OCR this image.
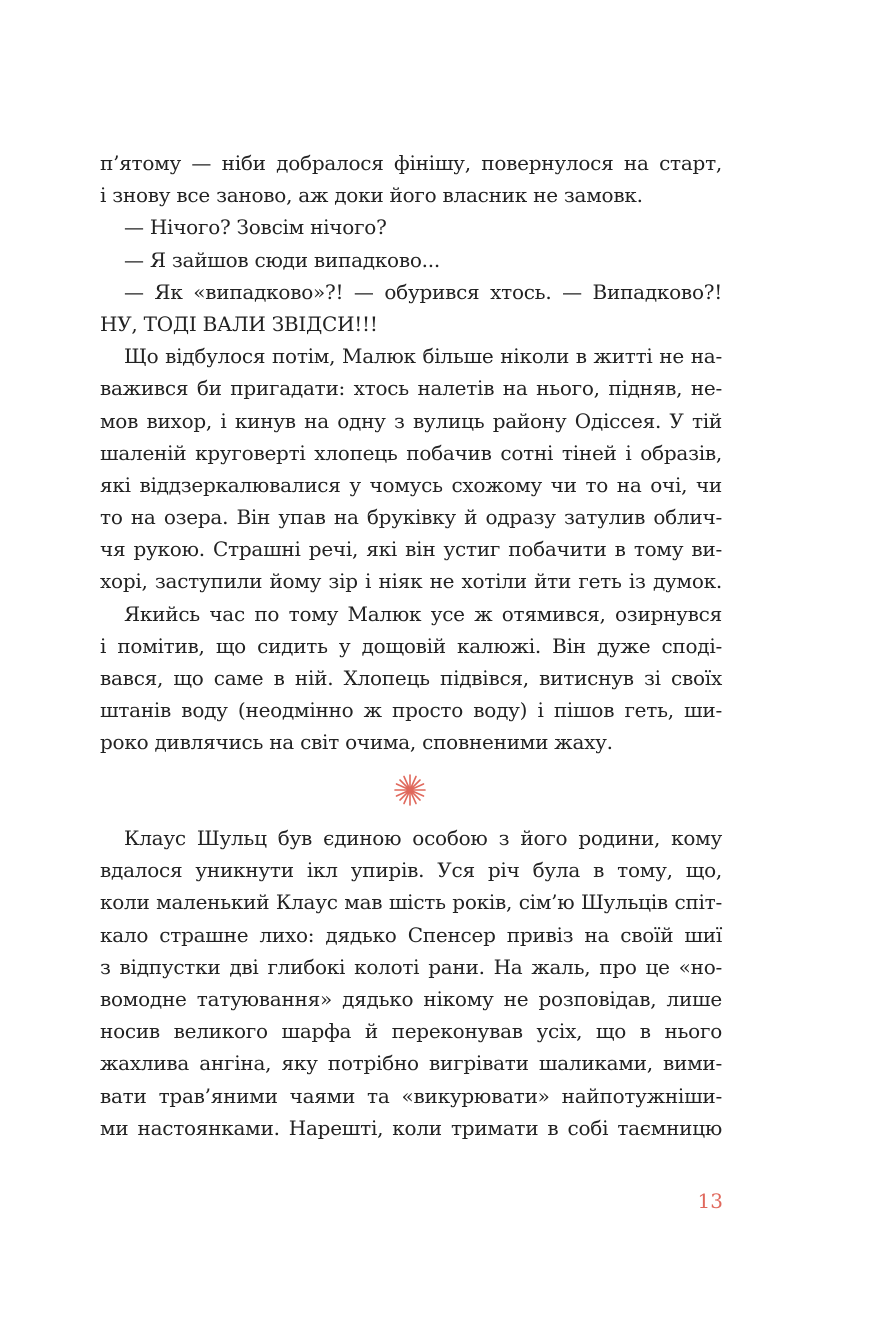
п’ятому — ніби добралося фінішу, повернулося на старт,
і знову все заново, аж доки його власник не замовк.
— Нічого? Зовсім нічого?
— Я зайшов сюди випадково...
— Як «випадково»?! — обурився хтось. — Випадково?!
НУ, ТОДІ ВАЛИ ЗВІДСИ!!!
Що відбулося потім, Малюк більше ніколи в житті не на-
важився би пригадати: хтось налетів на нього, підняв, не-
мов вихор, і кинув на одну з вулиць району Одіссея. У тій
шаленій круговерті хлопець побачив сотні тіней і образів,
які віддзеркалювалися у чомусь схожому чи то на очі, чи
то на озера. Він упав на бруківку й одразу затулив облич-
чя рукою. Страшні речі, які він устиг побачити в тому ви-
хорі, заступили йому зір і ніяк не хотіли йти геть із думок.
Якийсь час по тому Малюк усе ж отямився, озирнувся
і помітив, що сидить у дощовій калюжі. Він дуже споді-
вався, що саме в ній. Хлопець підвівся, витиснув зі своїх
штанів воду (неодмінно ж просто воду) і пішов геть, ши-
роко дивлячись на світ очима, сповненими жаху.
Клаус Шульц був єдиною особою з його родини, кому
вдалося уникнути ікл упирів. Уся річ була в тому, що,
коли маленький Клаус мав шість років, сім’ю Шульців спіт-
кало страшне лихо: дядько Спенсер привіз на своїй шиї
з відпустки дві глибокі колоті рани. На жаль, про це «но-
вомодне татуювання» дядько нікому не розповідав, лише
носив великого шарфа й переконував усіх, що в нього
жахлива ангіна, яку потрібно вигрівати шаликами, вими-
вати трав’яними чаями та «викурювати» найпотужніши-
ми настоянками. Нарешті, коли тримати в собі таємницю
13
